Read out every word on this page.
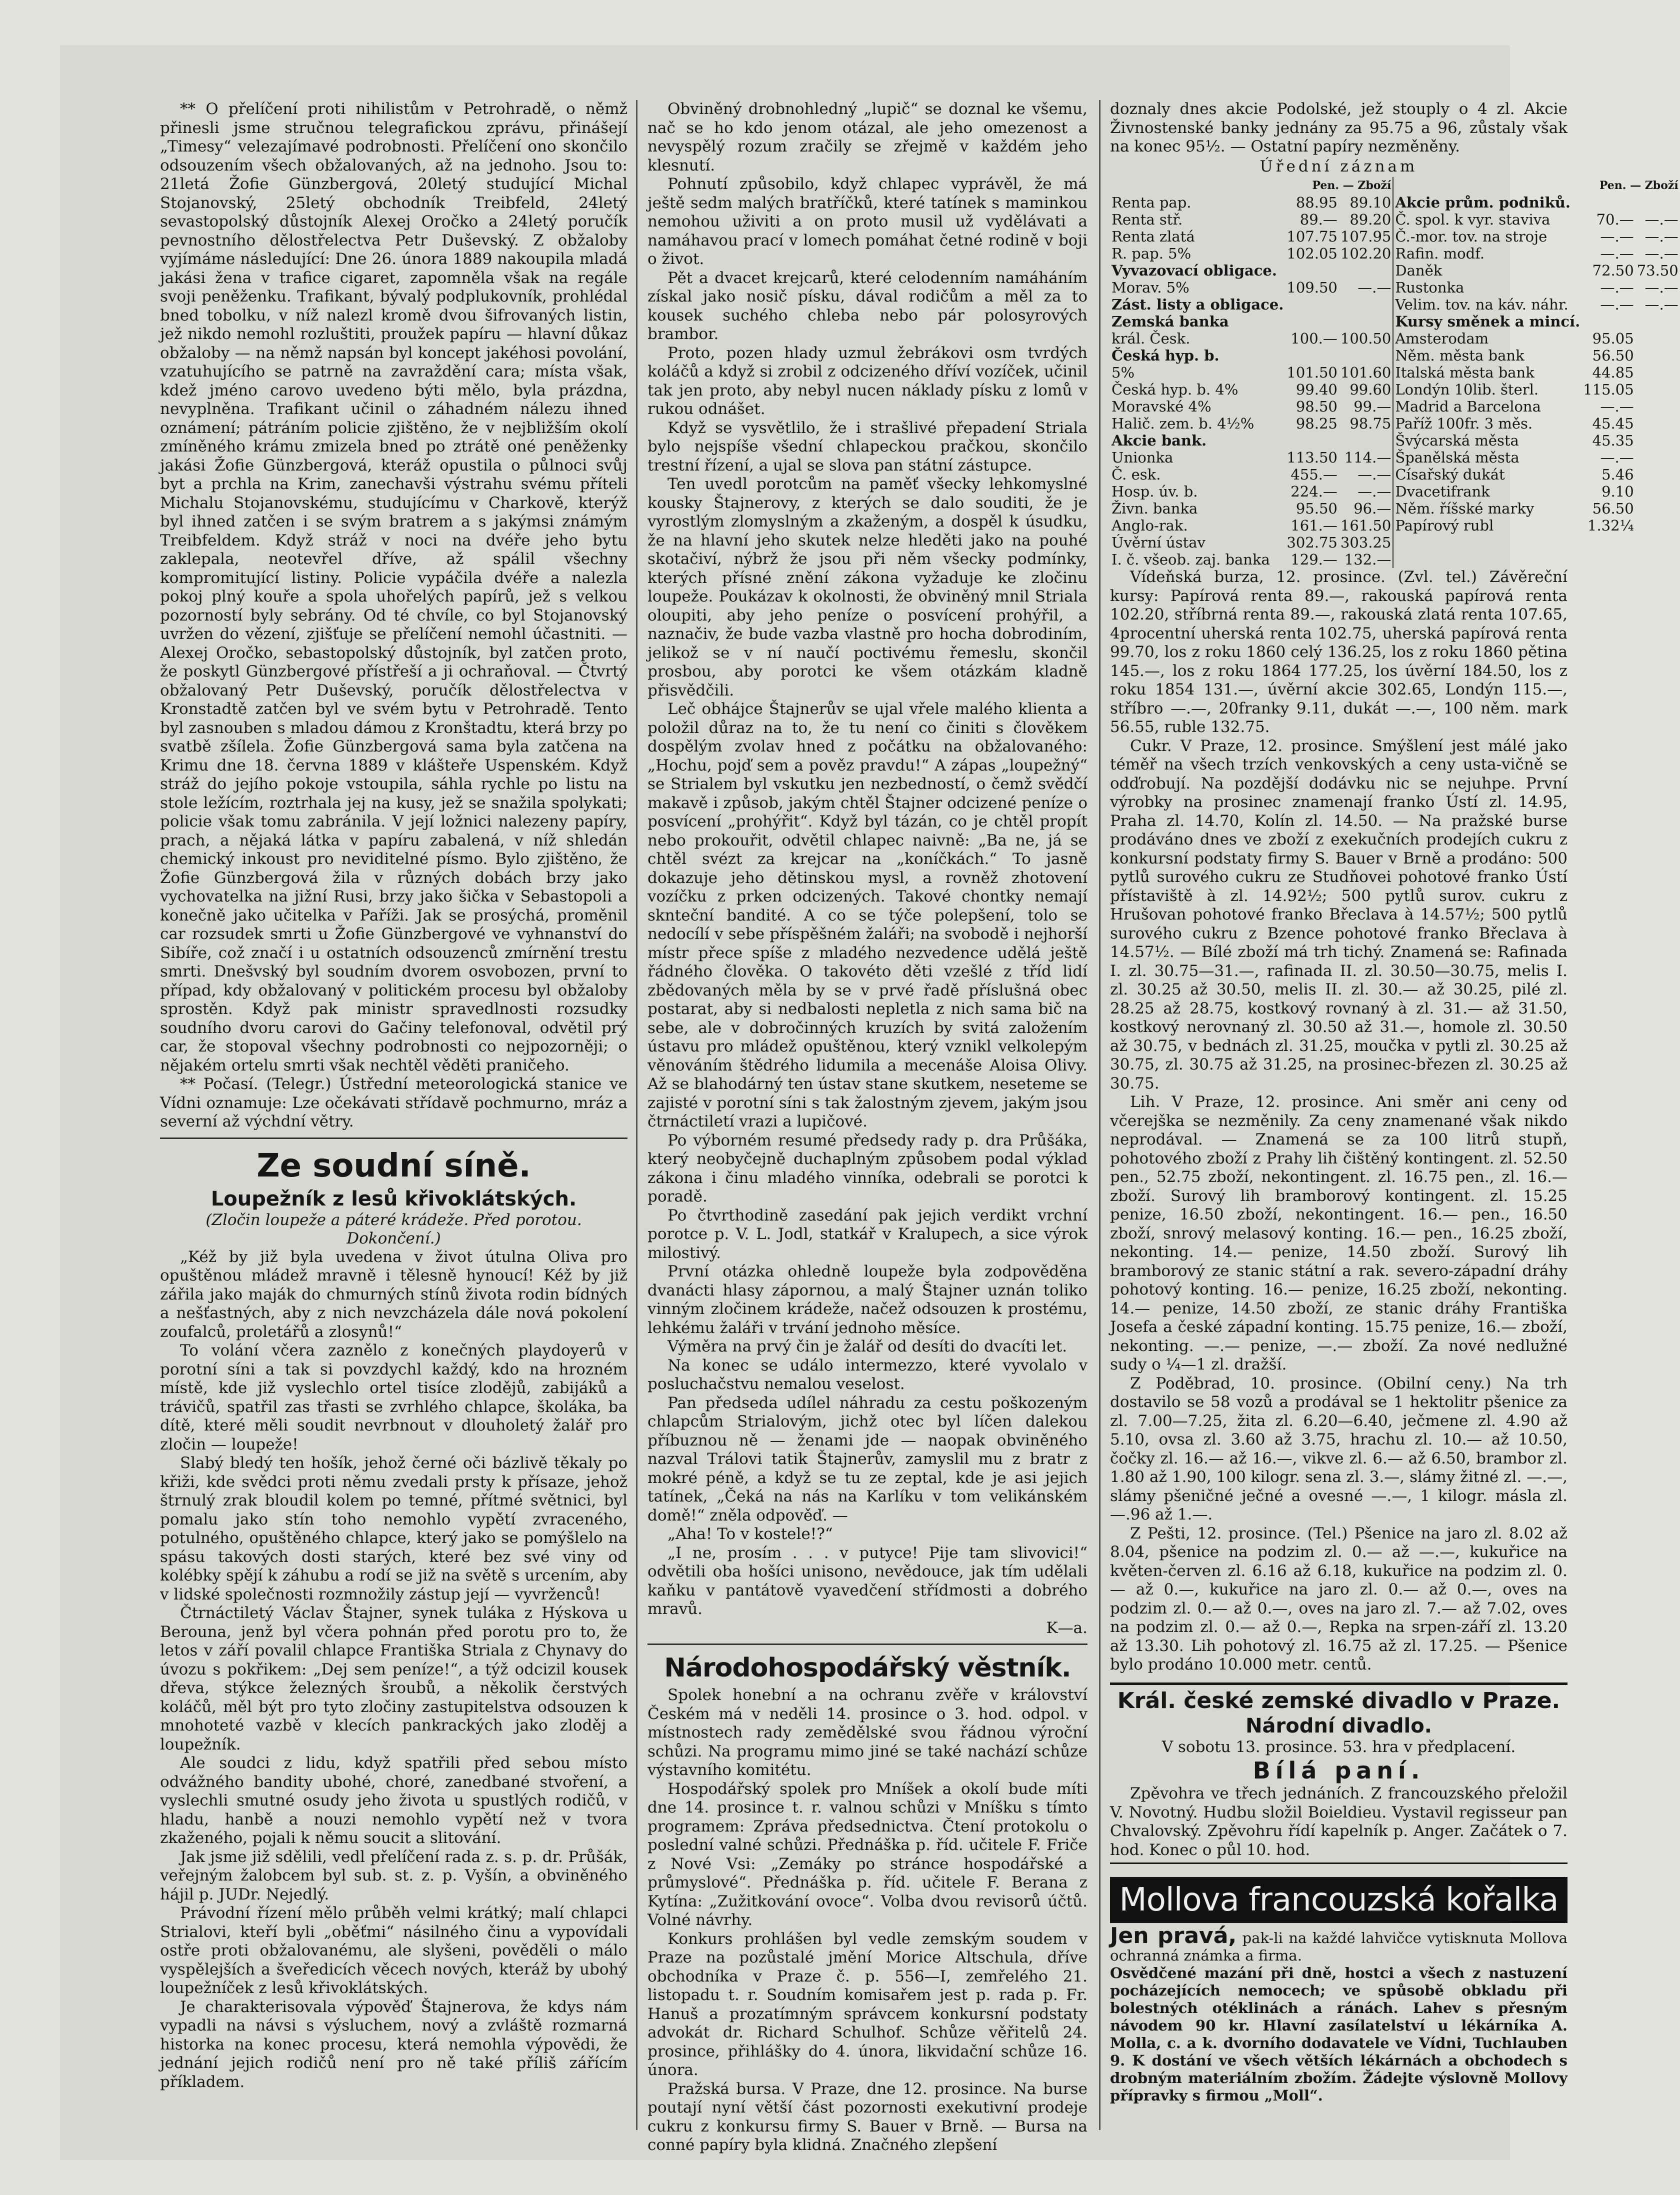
** O přelíčení proti nihilistům v Petrohradě, o němž přinesli jsme stručnou telegrafickou zprávu, přinášejí „Timesy“ velezajímavé podrobnosti. Přelíčení ono skončilo odsouzením všech obžalovaných, až na jednoho. Jsou to: 21letá Žofie Günzbergová, 20letý studující Michal Stojanovský, 25letý obchodník Treibfeld, 24letý sevastopolský důstojník Alexej Oročko a 24letý poručík pevnostního dělostřelectva Petr Duševský. Z obžaloby vyjímáme následující: Dne 26. února 1889 nakoupila mladá jakási žena v trafice cigaret, zapomněla však na regále svoji peněženku. Trafikant, bývalý podplukovník, prohlédal bned tobolku, v níž nalezl kromě dvou šifrovaných listin, jež nikdo nemohl rozluštiti, proužek papíru — hlavní důkaz obžaloby — na němž napsán byl koncept jakéhosi povolání, vzatuhujícího se patrně na zavraždění cara; místa však, kdež jméno carovo uvedeno býti mělo, byla prázdna, nevyplněna. Trafikant učinil o záhadném nálezu ihned oznámení; pátráním policie zjištěno, že v nejbližším okolí zmíněného krámu zmizela bned po ztrátě oné peněženky jakási Žofie Günzbergová, kteráž opustila o půlnoci svůj byt a prchla na Krim, zanechavši výstrahu svému příteli Michalu Stojanovskému, studujícímu v Charkově, kterýž byl ihned zatčen i se svým bratrem a s jakýmsi známým Treibfeldem. Když stráž v noci na dvéře jeho bytu zaklepala, neotevřel dříve, až spálil všechny kompromitující listiny. Policie vypáčila dvéře a nalezla pokoj plný kouře a spola uhořelých papírů, jež s velkou pozorností byly sebrány. Od té chvíle, co byl Stojanovský uvržen do vězení, zjišťuje se přelíčení nemohl účastniti. — Alexej Oročko, sebastopolský důstojník, byl zatčen proto, že poskytl Günzbergové přístřeší a ji ochraňoval. — Čtvrtý obžalovaný Petr Duševský, poručík dělostřelectva v Kronstadtě zatčen byl ve svém bytu v Petrohradě. Tento byl zasnouben s mladou dámou z Kronštadtu, která brzy po svatbě zšílela. Žofie Günzbergová sama byla zatčena na Krimu dne 18. června 1889 v klášteře Uspenském. Když stráž do jejího pokoje vstoupila, sáhla rychle po listu na stole ležícím, roztrhala jej na kusy, jež se snažila spolykati; policie však tomu zabránila. V její ložnici nalezeny papíry, prach, a nějaká látka v papíru zabalená, v níž shledán chemický inkoust pro neviditelné písmo. Bylo zjištěno, že Žofie Günzbergová žila v různých dobách brzy jako vychovatelka na jižní Rusi, brzy jako šička v Sebastopoli a konečně jako učitelka v Paříži. Jak se prosýchá, proměnil car rozsudek smrti u Žofie Günzbergové ve vyhnanství do Sibíře, což značí i u ostatních odsouzenců zmírnění trestu smrti. Dnešvský byl soudním dvorem osvobozen, první to případ, kdy obžalovaný v politickém procesu byl obžaloby sprostěn. Když pak ministr spravedlnosti rozsudky soudního dvoru carovi do Gačiny telefonoval, odvětil prý car, že stopoval všechny podrobnosti co nejpozorněji; o nějakém ortelu smrti však nechtěl věděti praničeho.

** Počasí. (Telegr.) Ústřední meteorologická stanice ve Vídni oznamuje: Lze očekávati střídavě pochmurno, mráz a severní až výchdní větry.

Ze soudní síně.
Loupežník z lesů křivoklátských.
(Zločin loupeže a páteré krádeže. Před porotou. Dokončení.)

„Kéž by již byla uvedena v život útulna Oliva pro opuštěnou mládež mravně i tělesně hynoucí! Kéž by již zářila jako maják do chmurných stínů života rodin bídných a nešťastných, aby z nich nevzcházela dále nová pokolení zoufalců, proletářů a zlosynů!“

To volání včera zaznělo z konečných playdoyerů v porotní síni a tak si povzdychl každý, kdo na hrozném místě, kde již vyslechlo ortel tisíce zlodějů, zabijáků a trávičů, spatřil zas třasti se zvrhlého chlapce, školáka, ba dítě, které měli soudit nevrbnout v dlouholetý žalář pro zločin — loupeže!

Slabý bledý ten hošík, jehož černé oči bázlivě těkaly po křiži, kde svědci proti němu zvedali prsty k přísaze, jehož štrnulý zrak bloudil kolem po temné, přítmé světnici, byl pomalu jako stín toho nemohlo vypětí zvraceného, potulného, opuštěného chlapce, který jako se pomýšlelo na spásu takových dosti starých, které bez své viny od kolébky spějí k záhubu a rodí se již na světě s urcením, aby v lidské společnosti rozmnožily zástup její — vyvrženců!

Čtrnáctiletý Václav Štajner, synek tuláka z Hýskova u Berouna, jenž byl včera pohnán před porotu pro to, že letos v září povalil chlapce Františka Striala z Chynavy do úvozu s pokřikem: „Dej sem peníze!“, a týž odcizil kousek dřeva, stýkce železných šroubů, a několik čerstvých koláčů, měl být pro tyto zločiny zastupitelstva odsouzen k mnohoteté vazbě v klecích pankrackých jako zloděj a loupežník.

Ale soudci z lidu, když spatřili před sebou místo odvážného bandity ubohé, choré, zanedbané stvoření, a vyslechli smutné osudy jeho života u spustlých rodičů, v hladu, hanbě a nouzi nemohlo vypětí než v tvora zkaženého, pojali k němu soucit a slitování.

Jak jsme již sdělili, vedl přelíčení rada z. s. p. dr. Průšák, veřejným žalobcem byl sub. st. z. p. Vyšín, a obviněného hájil p. JUDr. Nejedlý.

Právodní řízení mělo průběh velmi krátký; malí chlapci Strialovi, kteří byli „oběťmi“ násilného činu a vypovídali ostře proti obžalovanému, ale slyšeni, pověděli o málo vyspělejších a šveředicích věcech nových, kteráž by ubohý loupežníček z lesů křivoklátských.

Je charakterisovala výpověď Štajnerova, že kdys nám vypadli na návsi s výsluchem, nový a zvláště rozmarná historka na konec procesu, která nemohla výpovědi, že jednání jejich rodičů není pro ně také příliš zářícím příkladem.

Obviněný drobnohledný „lupič“ se doznal ke všemu, nač se ho kdo jenom otázal, ale jeho omezenost a nevyspělý rozum zračily se zřejmě v každém jeho klesnutí.

Pohnutí způsobilo, když chlapec vyprávěl, že má ještě sedm malých bratříčků, které tatínek s maminkou nemohou uživiti a on proto musil už vydělávati a namáhavou prací v lomech pomáhat četné rodině v boji o život.

Pět a dvacet krejcarů, které celodenním namáháním získal jako nosič písku, dával rodičům a měl za to kousek suchého chleba nebo pár polosyrových brambor.

Proto, pozen hlady uzmul žebrákovi osm tvrdých koláčů a když si zrobil z odcizeného dříví vozíček, učinil tak jen proto, aby nebyl nucen náklady písku z lomů v rukou odnášet.

Když se vysvětlilo, že i strašlivé přepadení Striala bylo nejspíše všední chlapeckou pračkou, skončilo trestní řízení, a ujal se slova pan státní zástupce.

Ten uvedl porotcům na paměť všecky lehkomyslné kousky Štajnerovy, z kterých se dalo souditi, že je vyrostlým zlomyslným a zkaženým, a dospěl k úsudku, že na hlavní jeho skutek nelze hleděti jako na pouhé skotačiví, nýbrž že jsou při něm všecky podmínky, kterých přísné znění zákona vyžaduje ke zločinu loupeže. Poukázav k okolnosti, že obviněný mnil Striala oloupiti, aby jeho peníze o posvícení prohýřil, a naznačiv, že bude vazba vlastně pro hocha dobrodiním, jelikož se v ní naučí poctivému řemeslu, skončil prosbou, aby porotci ke všem otázkám kladně přisvědčili.

Leč obhájce Štajnerův se ujal vřele malého klienta a položil důraz na to, že tu není co činiti s člověkem dospělým zvolav hned z počátku na obžalovaného: „Hochu, pojď sem a pověz pravdu!“ A zápas „loupežný“ se Strialem byl vskutku jen nezbedností, o čemž svědčí makavě i způsob, jakým chtěl Štajner odcizené peníze o posvícení „prohýřit“. Když byl tázán, co je chtěl propít nebo prokouřit, odvětil chlapec naivně: „Ba ne, já se chtěl svézt za krejcar na „koníčkách.“ To jasně dokazuje jeho dětinskou mysl, a rovněž zhotovení vozíčku z prken odcizených. Takové chontky nemají sknteční bandité. A co se týče polepšení, tolo se nedocílí v sebe příspěšném žaláři; na svobodě i nejhorší místr přece spíše z mladého nezvedence udělá ještě řádného člověka. O takovéto děti vzešlé z tříd lidí zbědovaných měla by se v prvé řadě příslušná obec postarat, aby si nedbalosti nepletla z nich sama bič na sebe, ale v dobročinných kruzích by svitá založením ústavu pro mládež opuštěnou, který vznikl velkolepým věnováním štědrého lidumila a mecenáše Aloisa Olivy. Až se blahodárný ten ústav stane skutkem, neseteme se zajisté v porotní síni s tak žalostným zjevem, jakým jsou čtrnáctiletí vrazi a lupičové.

Po výborném resumé předsedy rady p. dra Průšáka, který neobyčejně duchaplným způsobem podal výklad zákona i činu mladého vinníka, odebrali se porotci k poradě.

Po čtvrthodině zasedání pak jejich verdikt vrchní porotce p. V. L. Jodl, statkář v Kralupech, a sice výrok milostivý.

První otázka ohledně loupeže byla zodpověděna dvanácti hlasy zápornou, a malý Štajner uznán toliko vinným zločinem krádeže, načež odsouzen k prostému, lehkému žaláři v trvání jednoho měsíce.

Výměra na prvý čin je žalář od desíti do dvacíti let.

Na konec se událo intermezzo, které vyvolalo v posluchačstvu nemalou veselost.

Pan předseda udílel náhradu za cestu poškozeným chlapcům Strialovým, jichž otec byl líčen dalekou příbuznou ně — ženami jde — naopak obviněného nazval Trálovi tatik Štajnerův, zamyslil mu z bratr z mokré péně, a když se tu ze zeptal, kde je asi jejich tatínek, „Čeká na nás na Karlíku v tom velikánském domě!“ zněla odpověď. —

„Aha! To v kostele!?“

„I ne, prosím . . . v putyce! Pije tam slivovici!“ odvětili oba hošíci unisono, nevědouce, jak tím udělali kaňku v pantátově vyavedčení střídmosti a dobrého mravů.

K—a.
Národohospodářský věstník.

Spolek honební a na ochranu zvěře v království Českém má v neděli 14. prosince o 3. hod. odpol. v místnostech rady zemědělské svou řádnou výroční schůzi. Na programu mimo jiné se také nachází schůze výstavního komitétu.

Hospodářský spolek pro Mníšek a okolí bude míti dne 14. prosince t. r. valnou schůzi v Mníšku s tímto programem: Zpráva předsednictva. Čtení protokolu o poslední valné schůzi. Přednáška p. říd. učitele F. Friče z Nové Vsi: „Zemáky po stránce hospodářské a průmyslové“. Přednáška p. říd. učitele F. Berana z Kytína: „Zužitkování ovoce“. Volba dvou revisorů účtů. Volné návrhy.

Konkurs prohlášen byl vedle zemským soudem v Praze na pozůstalé jmění Morice Altschula, dříve obchodníka v Praze č. p. 556—I, zemřelého 21. listopadu t. r. Soudním komisařem jest p. rada p. Fr. Hanuš a prozatímným správcem konkursní podstaty advokát dr. Richard Schulhof. Schůze věřitelů 24. prosince, přihlášky do 4. února, likvidační schůze 16. února.

Pražská bursa. V Praze, dne 12. prosince. Na burse poutají nyní větší část pozornosti exekutivní prodeje cukru z konkursu firmy S. Bauer v Brně. — Bursa na conné papíry byla klidná. Značného zlepšení

doznaly dnes akcie Podolské, jež stouply o 4 zl. Akcie Živnostenské banky jednány za 95.75 a 96, zůstaly však na konec 95½. — Ostatní papíry nezměněny.

Úřední záznam
Pen. — Zboží			Pen. — Zboží		
Renta pap.	88.95	89.10	Akcie prům. podniků.		
Renta stř.	89.—	89.20	Č. spol. k vyr. staviva	70.—	—.—
Renta zlatá	107.75	107.95	Č.-mor. tov. na stroje	—.—	—.—
R. pap. 5%	102.05	102.20	Rafin. modf.	—.—	—.—
Vyvazovací obligace.			Daněk	72.50	73.50
Morav. 5%	109.50	—.—	Rustonka	—.—	—.—
Zást. listy a obligace.			Velim. tov. na káv. náhr.	—.—	—.—
Zemská banka			Kursy směnek a mincí.		
král. Česk.	100.—	100.50	Amsterodam	95.05	
Česká hyp. b.			Něm. města bank	56.50	
5%	101.50	101.60	Italská města bank	44.85	
Česká hyp. b. 4%	99.40	99.60	Londýn 10lib. šterl.	115.05	
Moravské 4%	98.50	99.—	Madrid a Barcelona	—.—	
Halič. zem. b. 4½%	98.25	98.75	Paříž 100fr. 3 měs.	45.45	
Akcie bank.			Švýcarská města	45.35	
Unionka	113.50	114.—	Španělská města	—.—	
Č. esk.	455.—	—.—	Císařský dukát	5.46	
Hosp. úv. b.	224.—	—.—	Dvacetifrank	9.10	
Živn. banka	95.50	96.—	Něm. říšské marky	56.50	
Anglo-rak.	161.—	161.50	Papírový rubl	1.32¼	
Úvěrní ústav	302.75	303.25			
I. č. všeob. zaj. banka	129.—	132.—			

Vídeňská burza, 12. prosince. (Zvl. tel.) Závěreční kursy: Papírová renta 89.—, rakouská papírová renta 102.20, stříbrná renta 89.—, rakouská zlatá renta 107.65, 4procentní uherská renta 102.75, uherská papírová renta 99.70, los z roku 1860 celý 136.25, los z roku 1860 pětina 145.—, los z roku 1864 177.25, los úvěrní 184.50, los z roku 1854 131.—, úvěrní akcie 302.65, Londýn 115.—, stříbro —.—, 20franky 9.11, dukát —.—, 100 něm. mark 56.55, ruble 132.75.

Cukr. V Praze, 12. prosince. Smýšlení jest málé jako téměř na všech trzích venkovských a ceny usta-vičně se odďrobují. Na pozdější dodávku nic se nejuhpe. První výrobky na prosinec znamenají franko Ústí zl. 14.95, Praha zl. 14.70, Kolín zl. 14.50. — Na pražské burse prodáváno dnes ve zboží z exekučních prodejích cukru z konkursní podstaty firmy S. Bauer v Brně a prodáno: 500 pytlů surového cukru ze Studňovei pohotové franko Ústí přístaviště à zl. 14.92½; 500 pytlů surov. cukru z Hrušovan pohotové franko Břeclava à 14.57½; 500 pytlů surového cukru z Bzence pohotové franko Břeclava à 14.57½. — Bílé zboží má trh tichý. Znamená se: Rafinada I. zl. 30.75—31.—, rafinada II. zl. 30.50—30.75, melis I. zl. 30.25 až 30.50, melis II. zl. 30.— až 30.25, pilé zl. 28.25 až 28.75, kostkový rovnaný à zl. 31.— až 31.50, kostkový nerovnaný zl. 30.50 až 31.—, homole zl. 30.50 až 30.75, v bednách zl. 31.25, moučka v pytli zl. 30.25 až 30.75, zl. 30.75 až 31.25, na prosinec-březen zl. 30.25 až 30.75.

Lih. V Praze, 12. prosince. Ani směr ani ceny od včerejška se nezměnily. Za ceny znamenané však nikdo neprodával. — Znamená se za 100 litrů stupň, pohotového zboží z Prahy lih čištěný kontingent. zl. 52.50 pen., 52.75 zboží, nekontingent. zl. 16.75 pen., zl. 16.— zboží. Surový lih bramborový kontingent. zl. 15.25 penize, 16.50 zboží, nekontingent. 16.— pen., 16.50 zboží, snrový melasový konting. 16.— pen., 16.25 zboží, nekonting. 14.— penize, 14.50 zboží. Surový lih bramborový ze stanic státní a rak. severo-západní dráhy pohotový konting. 16.— penize, 16.25 zboží, nekonting. 14.— penize, 14.50 zboží, ze stanic dráhy Františka Josefa a české západní konting. 15.75 penize, 16.— zboží, nekonting. —.— penize, —.— zboží. Za nové nedlužné sudy o ¼—1 zl. dražší.

Z Poděbrad, 10. prosince. (Obilní ceny.) Na trh dostavilo se 58 vozů a prodával se 1 hektolitr pšenice za zl. 7.00—7.25, žita zl. 6.20—6.40, ječmene zl. 4.90 až 5.10, ovsa zl. 3.60 až 3.75, hrachu zl. 10.— až 10.50, čočky zl. 16.— až 16.—, vikve zl. 6.— až 6.50, brambor zl. 1.80 až 1.90, 100 kilogr. sena zl. 3.—, slámy žitné zl. —.—, slámy pšeničné ječné a ovesné —.—, 1 kilogr. másla zl. —.96 až 1.—.

Z Pešti, 12. prosince. (Tel.) Pšenice na jaro zl. 8.02 až 8.04, pšenice na podzim zl. 0.— až —.—, kukuřice na květen-červen zl. 6.16 až 6.18, kukuřice na podzim zl. 0.— až 0.—, kukuřice na jaro zl. 0.— až 0.—, oves na podzim zl. 0.— až 0.—, oves na jaro zl. 7.— až 7.02, oves na podzim zl. 0.— až 0.—, Repka na srpen-září zl. 13.20 až 13.30. Lih pohotový zl. 16.75 až zl. 17.25. — Pšenice bylo prodáno 10.000 metr. centů.

Král. české zemské divadlo v Praze.
Národní divadlo.
V sobotu 13. prosince. 53. hra v předplacení.
Bílá paní.

Zpěvohra ve třech jednáních. Z francouzského přeložil V. Novotný. Hudbu složil Boieldieu. Vystavil regisseur pan Chvalovský. Zpěvohru řídí kapelník p. Anger. Začátek o 7. hod. Konec o půl 10. hod.

Mollova francouzská kořalka
Jen pravá, pak-li na každé lahvičce vytisknuta Mollova ochranná známka a firma.
Osvědčené mazání při dně, hostci a všech z nastuzení pocházejících nemocech; ve spůsobě obkladu při bolestných otéklinách a ránách. Lahev s přesným návodem 90 kr. Hlavní zasílatelství u lékárníka A. Molla, c. a k. dvorního dodavatele ve Vídni, Tuchlauben 9. K dostání ve všech větších lékárnách a obchodech s drobným materiálním zbožím. Žádejte výslovně Mollovy přípravky s firmou „Moll“.
